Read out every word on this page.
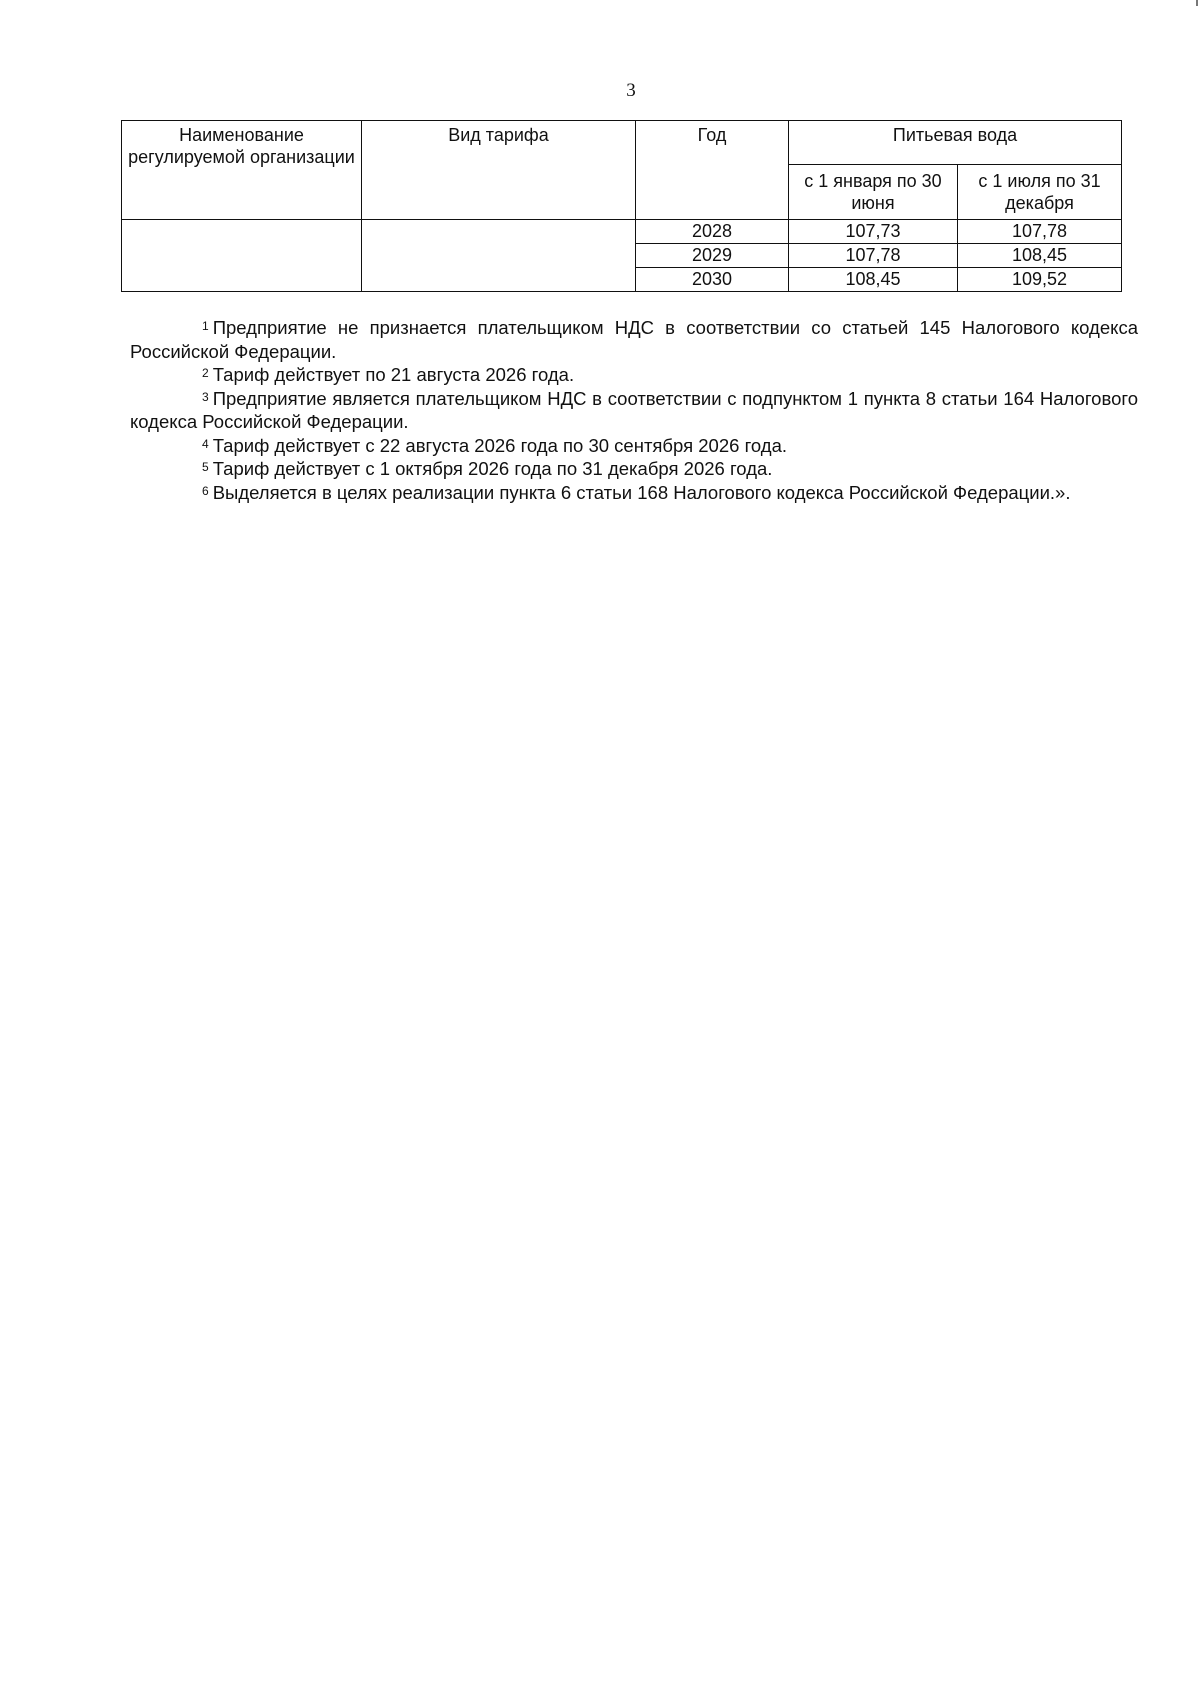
3
Наименование регулируемой организации	Вид тарифа	Год	Питьевая вода	
			с 1 января по 30 июня	с 1 июля по 31 декабря
		2028	107,73	107,78
		2029	107,78	108,45
		2030	108,45	109,52

$^1$ Предприятие не признается плательщиком НДС в соответствии со статьей 145 Налогового кодекса Российской Федерации.

$^2$ Тариф действует по 21 августа 2026 года.

$^3$ Предприятие является плательщиком НДС в соответствии с подпунктом 1 пункта 8 статьи 164 Налогового кодекса Российской Федерации.

$^4$ Тариф действует с 22 августа 2026 года по 30 сентября 2026 года.

$^5$ Тариф действует с 1 октября 2026 года по 31 декабря 2026 года.

$^6$ Выделяется в целях реализации пункта 6 статьи 168 Налогового кодекса Российской Федерации.».
